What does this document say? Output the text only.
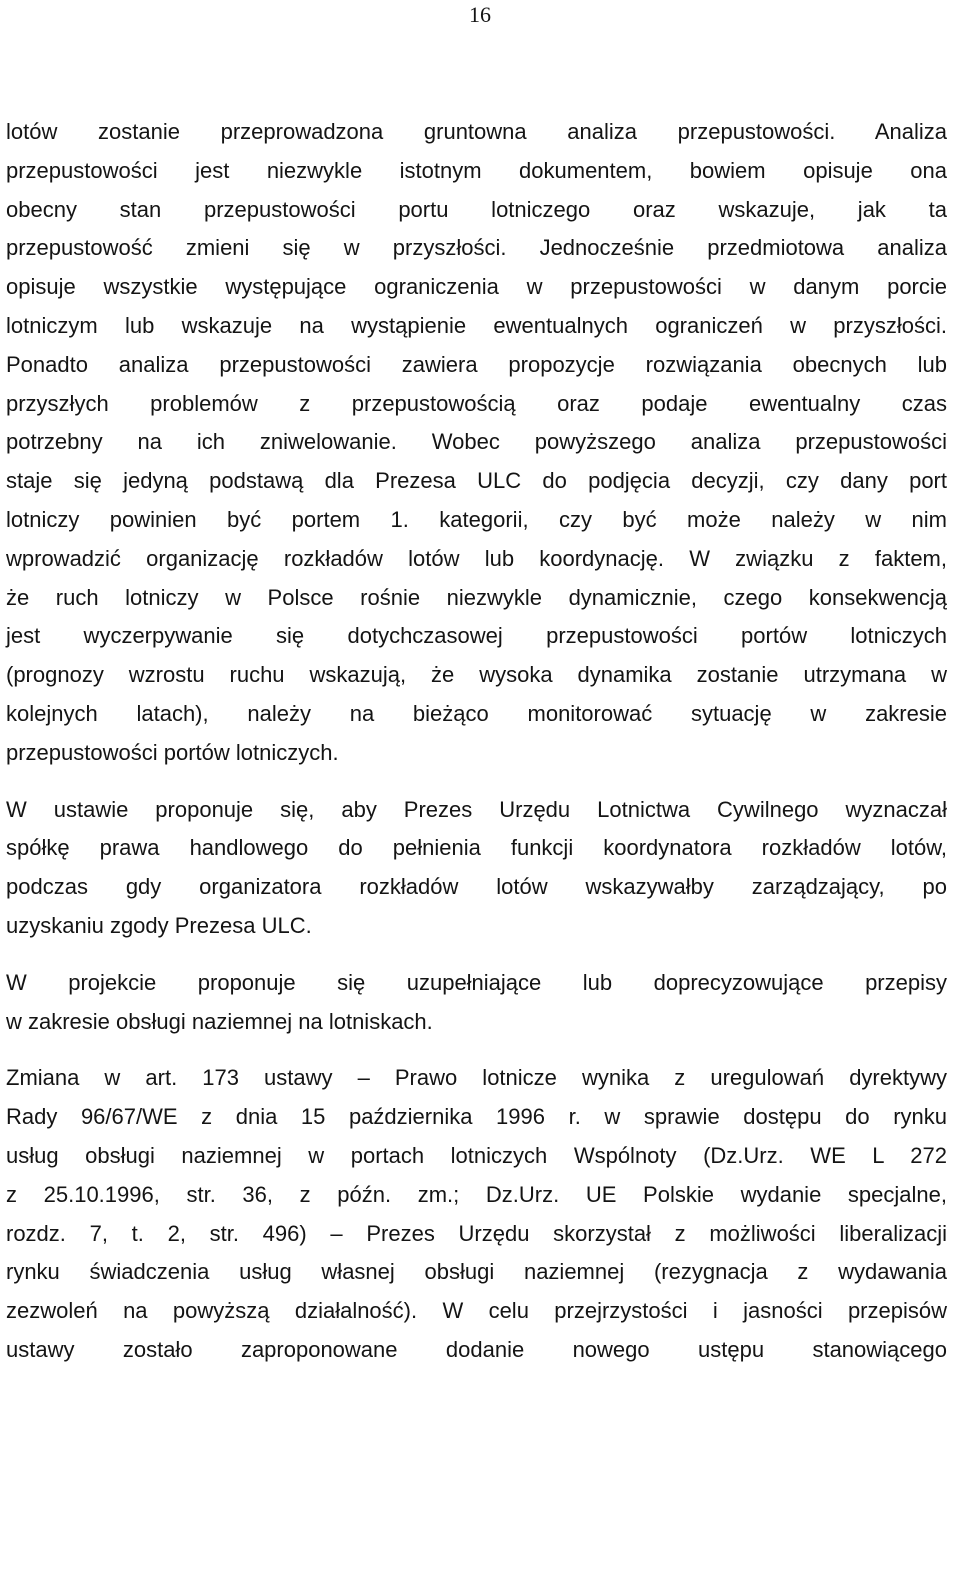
16
lotów zostanie przeprowadzona gruntowna analiza przepustowości. Analiza
przepustowości jest niezwykle istotnym dokumentem, bowiem opisuje ona
obecny stan przepustowości portu lotniczego oraz wskazuje, jak ta
przepustowość zmieni się w przyszłości. Jednocześnie przedmiotowa analiza
opisuje wszystkie występujące ograniczenia w przepustowości w danym porcie
lotniczym lub wskazuje na wystąpienie ewentualnych ograniczeń w przyszłości.
Ponadto analiza przepustowości zawiera propozycje rozwiązania obecnych lub
przyszłych problemów z przepustowością oraz podaje ewentualny czas
potrzebny na ich zniwelowanie. Wobec powyższego analiza przepustowości
staje się jedyną podstawą dla Prezesa ULC do podjęcia decyzji, czy dany port
lotniczy powinien być portem 1. kategorii, czy być może należy w nim
wprowadzić organizację rozkładów lotów lub koordynację. W związku z faktem,
że ruch lotniczy w Polsce rośnie niezwykle dynamicznie, czego konsekwencją
jest wyczerpywanie się dotychczasowej przepustowości portów lotniczych
(prognozy wzrostu ruchu wskazują, że wysoka dynamika zostanie utrzymana w
kolejnych latach), należy na bieżąco monitorować sytuację w zakresie
przepustowości portów lotniczych.
W ustawie proponuje się, aby Prezes Urzędu Lotnictwa Cywilnego wyznaczał
spółkę prawa handlowego do pełnienia funkcji koordynatora rozkładów lotów,
podczas gdy organizatora rozkładów lotów wskazywałby zarządzający, po
uzyskaniu zgody Prezesa ULC.
W projekcie proponuje się uzupełniające lub doprecyzowujące przepisy
w zakresie obsługi naziemnej na lotniskach.
Zmiana w art. 173 ustawy – Prawo lotnicze wynika z uregulowań dyrektywy
Rady 96/67/WE z dnia 15 października 1996 r. w sprawie dostępu do rynku
usług obsługi naziemnej w portach lotniczych Wspólnoty (Dz.Urz. WE L 272
z 25.10.1996, str. 36, z późn. zm.; Dz.Urz. UE Polskie wydanie specjalne,
rozdz. 7, t. 2, str. 496) – Prezes Urzędu skorzystał z możliwości liberalizacji
rynku świadczenia usług własnej obsługi naziemnej (rezygnacja z wydawania
zezwoleń na powyższą działalność). W celu przejrzystości i jasności przepisów
ustawy zostało zaproponowane dodanie nowego ustępu stanowiącego
